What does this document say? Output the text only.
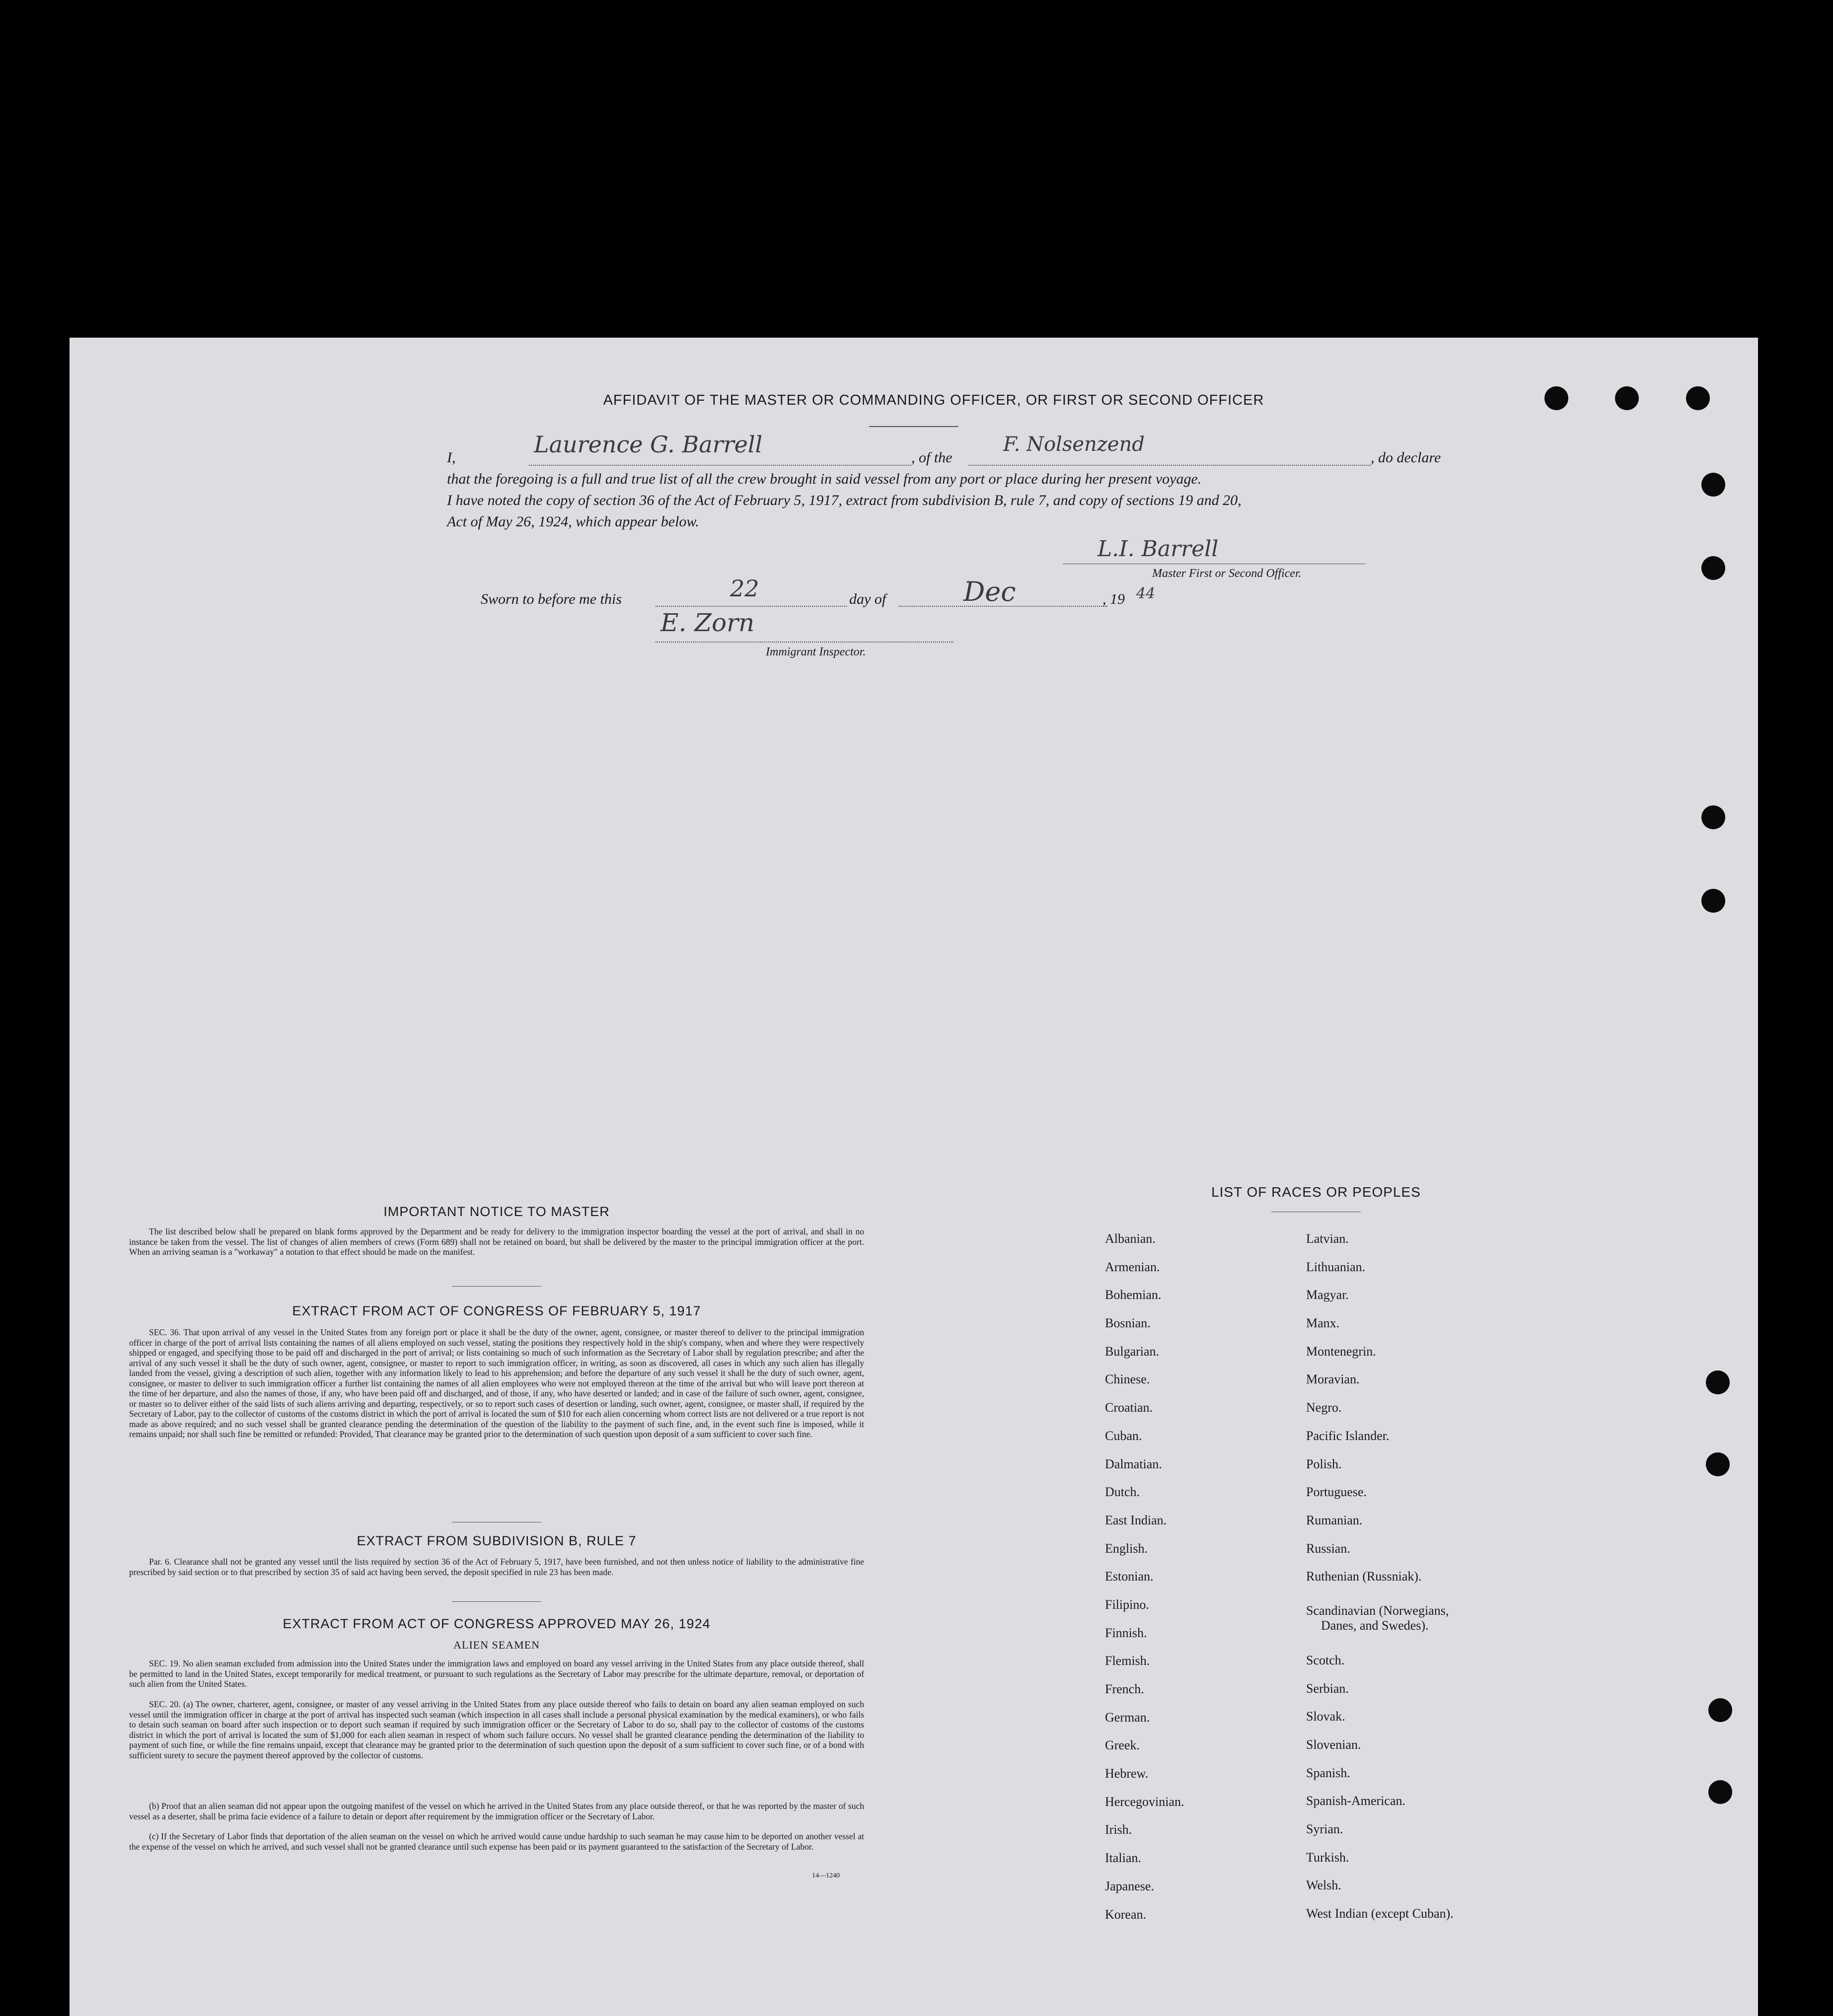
AFFIDAVIT OF THE MASTER OR COMMANDING OFFICER, OR FIRST OR SECOND OFFICER
I,	Laurence G. Barrell	, of the
F. Nolsenzend
, do declare
that the foregoing is a full and true list of all the crew brought in said vessel from any port or place during her present voyage.
I have noted the copy of section 36 of the Act of February 5, 1917, extract from subdivision B, rule 7, and copy of sections 19 and 20,
Act of May 26, 1924, which appear below.
L.I. Barrell
Master First or Second Officer.
Sworn to before me this	22	day of	Dec	, 19 44
E. Zorn
Immigrant Inspector.
IMPORTANT NOTICE TO MASTER
The list described below shall be prepared on blank forms approved by the Department and be ready for delivery to the immigration inspector boarding the vessel at the port of arrival, and shall in no instance be taken from the vessel. The list of changes of alien members of crews (Form 689) shall not be retained on board, but shall be delivered by the master to the principal immigration officer at the port. When an arriving seaman is a "workaway" a notation to that effect should be made on the manifest.
EXTRACT FROM ACT OF CONGRESS OF FEBRUARY 5, 1917
SEC. 36. That upon arrival of any vessel in the United States from any foreign port or place it shall be the duty of the owner, agent, consignee, or master thereof to deliver to the principal immigration officer in charge of the port of arrival lists containing the names of all aliens employed on such vessel, stating the positions they respectively hold in the ship's company, when and where they were respectively shipped or engaged, and specifying those to be paid off and discharged in the port of arrival; or lists containing so much of such information as the Secretary of Labor shall by regulation prescribe; and after the arrival of any such vessel it shall be the duty of such owner, agent, consignee, or master to report to such immigration officer, in writing, as soon as discovered, all cases in which any such alien has illegally landed from the vessel, giving a description of such alien, together with any information likely to lead to his apprehension; and before the departure of any such vessel it shall be the duty of such owner, agent, consignee, or master to deliver to such immigration officer a further list containing the names of all alien employees who were not employed thereon at the time of the arrival but who will leave port thereon at the time of her departure, and also the names of those, if any, who have been paid off and discharged, and of those, if any, who have deserted or landed; and in case of the failure of such owner, agent, consignee, or master so to deliver either of the said lists of such aliens arriving and departing, respectively, or so to report such cases of desertion or landing, such owner, agent, consignee, or master shall, if required by the Secretary of Labor, pay to the collector of customs of the customs district in which the port of arrival is located the sum of $10 for each alien concerning whom correct lists are not delivered or a true report is not made as above required; and no such vessel shall be granted clearance pending the determination of the question of the liability to the payment of such fine, and, in the event such fine is imposed, while it remains unpaid; nor shall such fine be remitted or refunded: Provided, That clearance may be granted prior to the determination of such question upon deposit of a sum sufficient to cover such fine.
EXTRACT FROM SUBDIVISION B, RULE 7
Par. 6. Clearance shall not be granted any vessel until the lists required by section 36 of the Act of February 5, 1917, have been furnished, and not then unless notice of liability to the administrative fine prescribed by said section or to that prescribed by section 35 of said act having been served, the deposit specified in rule 23 has been made.
EXTRACT FROM ACT OF CONGRESS APPROVED MAY 26, 1924
ALIEN SEAMEN
SEC. 19. No alien seaman excluded from admission into the United States under the immigration laws and employed on board any vessel arriving in the United States from any place outside thereof, shall be permitted to land in the United States, except temporarily for medical treatment, or pursuant to such regulations as the Secretary of Labor may prescribe for the ultimate departure, removal, or deportation of such alien from the United States.
SEC. 20. (a) The owner, charterer, agent, consignee, or master of any vessel arriving in the United States from any place outside thereof who fails to detain on board any alien seaman employed on such vessel until the immigration officer in charge at the port of arrival has inspected such seaman (which inspection in all cases shall include a personal physical examination by the medical examiners), or who fails to detain such seaman on board after such inspection or to deport such seaman if required by such immigration officer or the Secretary of Labor to do so, shall pay to the collector of customs of the customs district in which the port of arrival is located the sum of $1,000 for each alien seaman in respect of whom such failure occurs. No vessel shall be granted clearance pending the determination of the liability to payment of such fine, or while the fine remains unpaid, except that clearance may be granted prior to the determination of such question upon the deposit of a sum sufficient to cover such fine, or of a bond with sufficient surety to secure the payment thereof approved by the collector of customs.
(b) Proof that an alien seaman did not appear upon the outgoing manifest of the vessel on which he arrived in the United States from any place outside thereof, or that he was reported by the master of such vessel as a deserter, shall be prima facie evidence of a failure to detain or deport after requirement by the immigration officer or the Secretary of Labor.
(c) If the Secretary of Labor finds that deportation of the alien seaman on the vessel on which he arrived would cause undue hardship to such seaman he may cause him to be deported on another vessel at the expense of the vessel on which he arrived, and such vessel shall not be granted clearance until such expense has been paid or its payment guaranteed to the satisfaction of the Secretary of Labor.
14—1240
LIST OF RACES OR PEOPLES
Albanian.
Armenian.
Bohemian.
Bosnian.
Bulgarian.
Chinese.
Croatian.
Cuban.
Dalmatian.
Dutch.
East Indian.
English.
Estonian.
Filipino.
Finnish.
Flemish.
French.
German.
Greek.
Hebrew.
Hercegovinian.
Irish.
Italian.
Japanese.
Korean.
Latvian.
Lithuanian.
Magyar.
Manx.
Montenegrin.
Moravian.
Negro.
Pacific Islander.
Polish.
Portuguese.
Rumanian.
Russian.
Ruthenian (Russniak).
Scandinavian (Norwegians,
Danes, and Swedes).
Scotch.
Serbian.
Slovak.
Slovenian.
Spanish.
Spanish-American.
Syrian.
Turkish.
Welsh.
West Indian (except Cuban).
